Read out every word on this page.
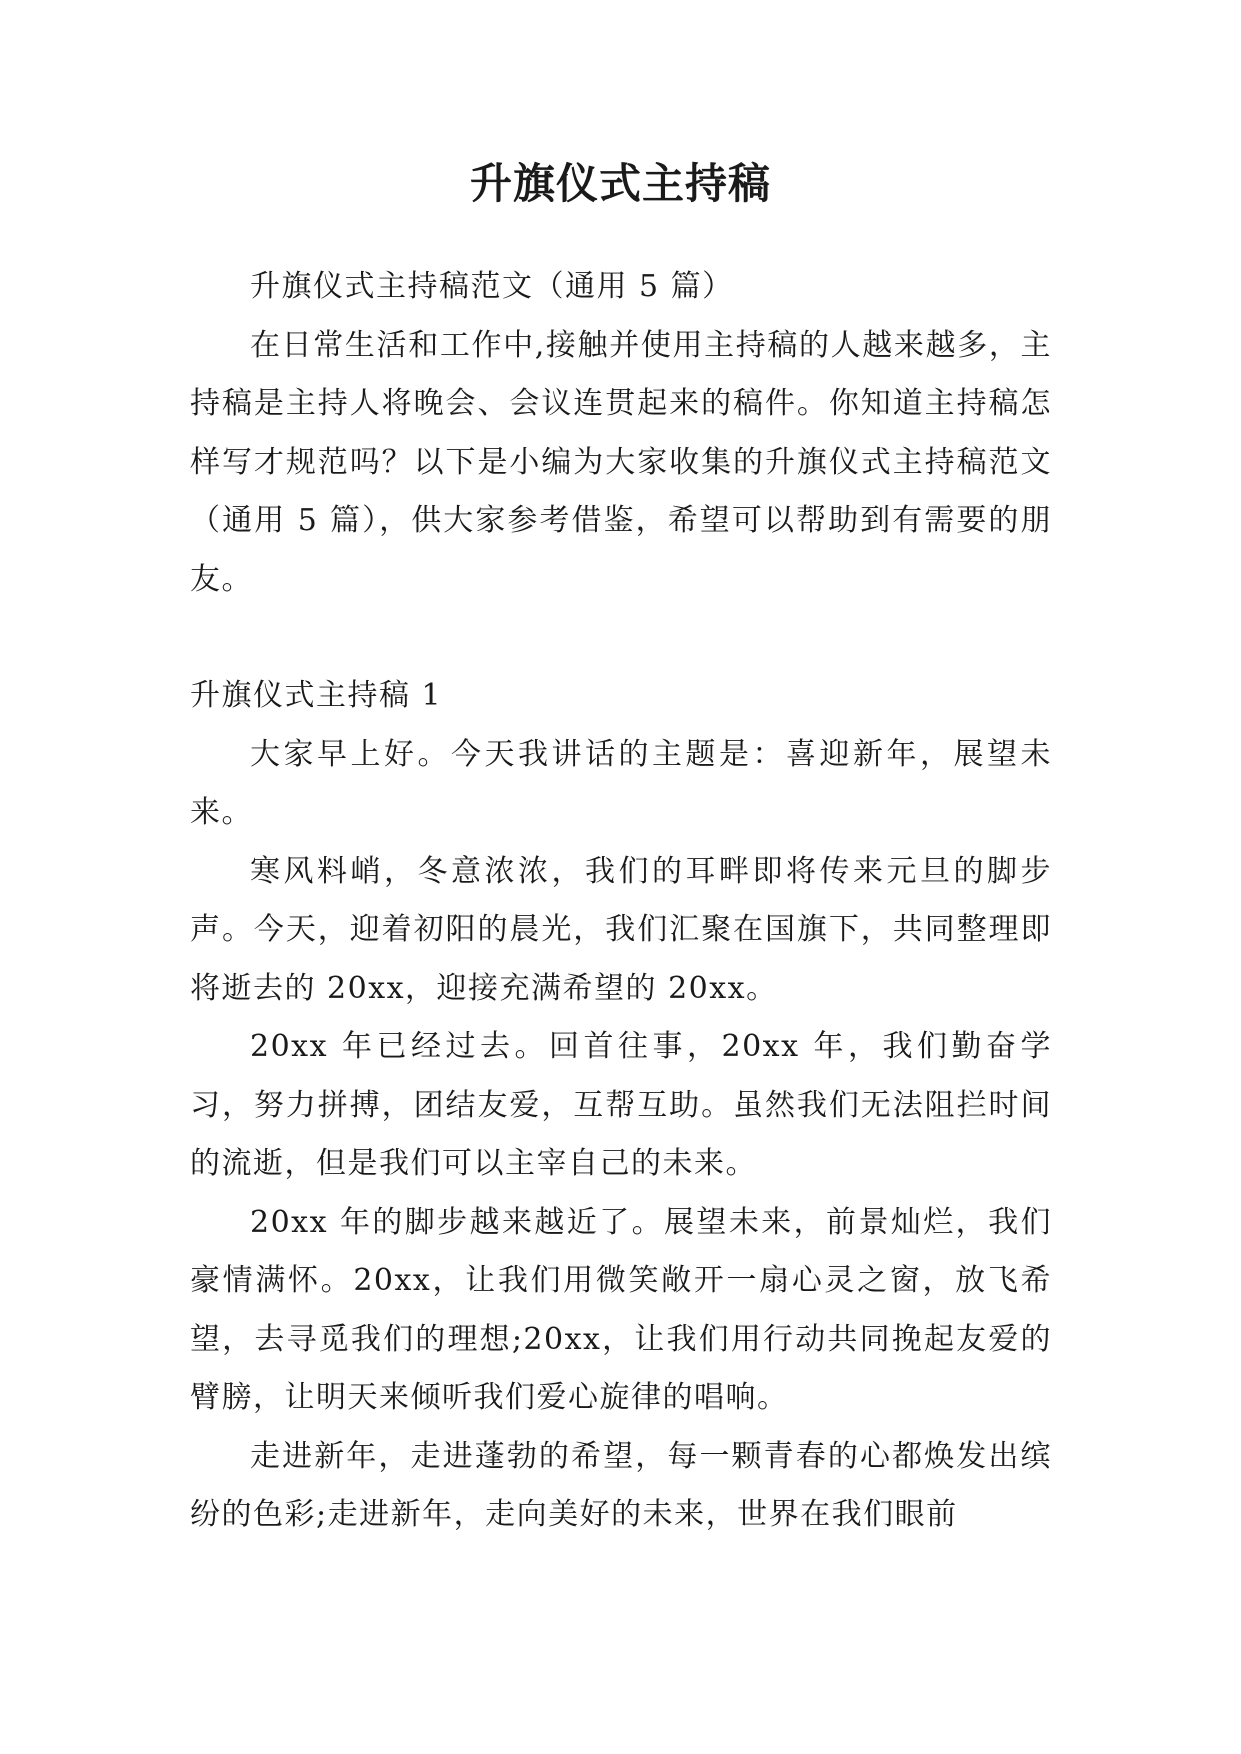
升旗仪式主持稿

升旗仪式主持稿范文（通用 5 篇）

在日常生活和工作中,接触并使用主持稿的人越来越多，主持稿是主持人将晚会、会议连贯起来的稿件。你知道主持稿怎样写才规范吗？以下是小编为大家收集的升旗仪式主持稿范文（通用 5 篇），供大家参考借鉴，希望可以帮助到有需要的朋友。

升旗仪式主持稿 1

大家早上好。今天我讲话的主题是：喜迎新年，展望未来。

寒风料峭，冬意浓浓，我们的耳畔即将传来元旦的脚步声。今天，迎着初阳的晨光，我们汇聚在国旗下，共同整理即将逝去的 20xx，迎接充满希望的 20xx。

20xx 年已经过去。回首往事，20xx 年，我们勤奋学习，努力拼搏，团结友爱，互帮互助。虽然我们无法阻拦时间的流逝，但是我们可以主宰自己的未来。

20xx 年的脚步越来越近了。展望未来，前景灿烂，我们豪情满怀。20xx，让我们用微笑敞开一扇心灵之窗，放飞希望，去寻觅我们的理想;20xx，让我们用行动共同挽起友爱的臂膀，让明天来倾听我们爱心旋律的唱响。

走进新年，走进蓬勃的希望，每一颗青春的心都焕发出缤纷的色彩;走进新年，走向美好的未来，世界在我们眼前
